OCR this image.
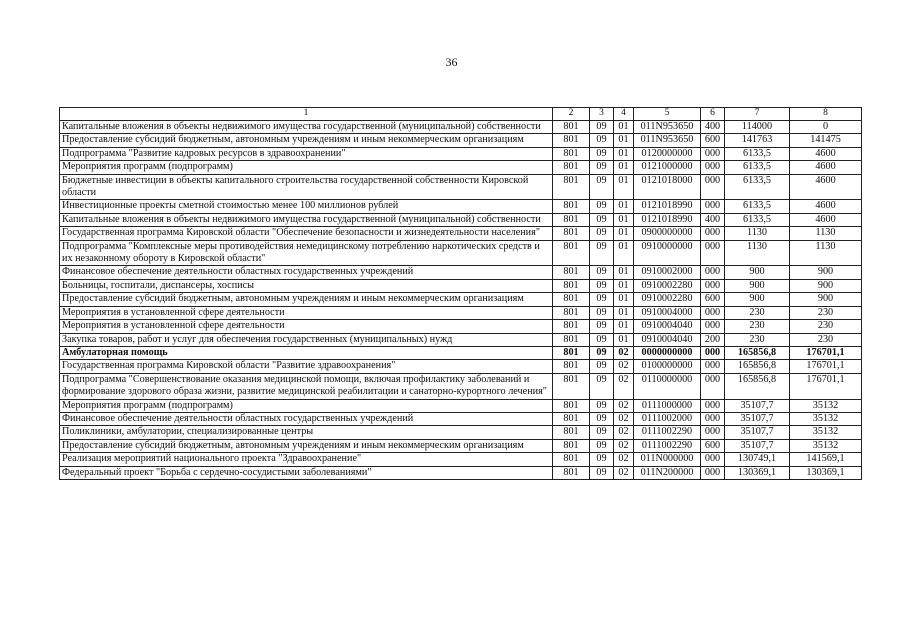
36
1	2	3	4	5	6	7	8
Капитальные вложения в объекты недвижимого имущества государственной (муниципальной) собственности	801	09	01	011N953650	400	114000	0
Предоставление субсидий бюджетным, автономным учреждениям и иным некоммерческим организациям	801	09	01	011N953650	600	141763	141475
Подпрограмма "Развитие кадровых ресурсов в здравоохранении"	801	09	01	0120000000	000	6133,5	4600
Мероприятия программ (подпрограмм)	801	09	01	0121000000	000	6133,5	4600
Бюджетные инвестиции в объекты капитального строительства государственной собственности Кировской области	801	09	01	0121018000	000	6133,5	4600
Инвестиционные проекты сметной стоимостью менее 100 миллионов рублей	801	09	01	0121018990	000	6133,5	4600
Капитальные вложения в объекты недвижимого имущества государственной (муниципальной) собственности	801	09	01	0121018990	400	6133,5	4600
Государственная программа Кировской области "Обеспечение безопасности и жизнедеятельности населения"	801	09	01	0900000000	000	1130	1130
Подпрограмма "Комплексные меры противодействия немедицинскому потреблению наркотических средств и их незаконному обороту в Кировской области"	801	09	01	0910000000	000	1130	1130
Финансовое обеспечение деятельности областных государственных учреждений	801	09	01	0910002000	000	900	900
Больницы, госпитали, диспансеры, хосписы	801	09	01	0910002280	000	900	900
Предоставление субсидий бюджетным, автономным учреждениям и иным некоммерческим организациям	801	09	01	0910002280	600	900	900
Мероприятия в установленной сфере деятельности	801	09	01	0910004000	000	230	230
Мероприятия в установленной сфере деятельности	801	09	01	0910004040	000	230	230
Закупка товаров, работ и услуг для обеспечения государственных (муниципальных) нужд	801	09	01	0910004040	200	230	230
Амбулаторная помощь	801	09	02	0000000000	000	165856,8	176701,1
Государственная программа Кировской области "Развитие здравоохранения"	801	09	02	0100000000	000	165856,8	176701,1
Подпрограмма "Совершенствование оказания медицинской помощи, включая профилактику заболеваний и формирование здорового образа жизни, развитие медицинской реабилитации и санаторно-курортного лечения"	801	09	02	0110000000	000	165856,8	176701,1
Мероприятия программ (подпрограмм)	801	09	02	0111000000	000	35107,7	35132
Финансовое обеспечение деятельности областных государственных учреждений	801	09	02	0111002000	000	35107,7	35132
Поликлиники, амбулатории, специализированные центры	801	09	02	0111002290	000	35107,7	35132
Предоставление субсидий бюджетным, автономным учреждениям и иным некоммерческим организациям	801	09	02	0111002290	600	35107,7	35132
Реализация мероприятий национального проекта "Здравоохранение"	801	09	02	011N000000	000	130749,1	141569,1
Федеральный проект "Борьба с сердечно-сосудистыми заболеваниями"	801	09	02	011N200000	000	130369,1	130369,1
